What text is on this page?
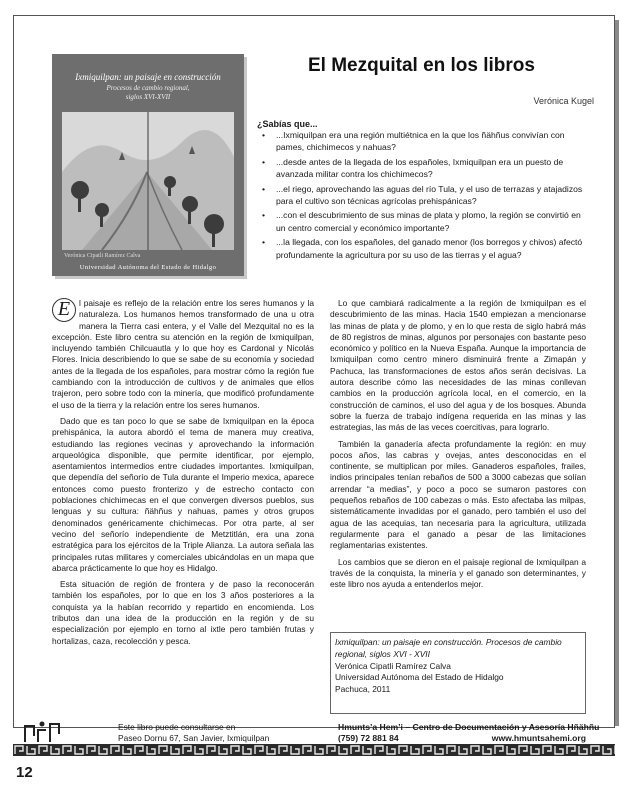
Ixmiquilpan: un paisaje en construcción
Procesos de cambio regional,
siglos XVI-XVII
Verónica Cipatli Ramírez Calva
Universidad Autónoma del Estado de Hidalgo
El Mezquital en los libros
Verónica Kugel
¿Sabías que...
• ...Ixmiquilpan era una región multiétnica en la que los ñähñus convivían con pames, chichimecos y nahuas?
• ...desde antes de la llegada de los españoles, Ixmiquilpan era un puesto de avanzada militar contra los chichimecos?
• ...el riego, aprovechando las aguas del río Tula, y el uso de terrazas y atajadizos para el cultivo son técnicas agrícolas prehispánicas?
• ...con el descubrimiento de sus minas de plata y plomo, la región se convirtió en un centro comercial y económico importante?
• ...la llegada, con los españoles, del ganado menor (los borregos y chivos) afectó profundamente la agricultura por su uso de las tierras y el agua?

E	l paisaje es reflejo de la relación entre los seres humanos y la naturaleza. Los humanos hemos transformado de una u otra manera la Tierra casi entera, y el Valle del Mezquital no es la excepción. Este libro centra su atención en la región de Ixmiquilpan, incluyendo también Chilcuautla y lo que hoy es Cardonal y Nicolás Flores. Inicia describiendo lo que se sabe de su economía y sociedad antes de la llegada de los españoles, para mostrar cómo la región fue cambiando con la introducción de cultivos y de animales que ellos trajeron, pero sobre todo con la minería, que modificó profundamente el uso de la tierra y la relación entre los seres humanos.

Dado que es tan poco lo que se sabe de Ixmiquilpan en la época prehispánica, la autora abordó el tema de manera muy creativa, estudiando las regiones vecinas y aprovechando la información arqueológica disponible, que permite identificar, por ejemplo, asentamientos intermedios entre ciudades importantes. Ixmiquilpan, que dependía del señorío de Tula durante el Imperio mexica, aparece entonces como puesto fronterizo y de estrecho contacto con poblaciones chichimecas en el que convergen diversos pueblos, sus lenguas y su cultura: ñähñus y nahuas, pames y otros grupos denominados genéricamente chichimecas. Por otra parte, al ser vecino del señorío independiente de Metztitlán, era una zona estratégica para los ejércitos de la Triple Alianza. La autora señala las principales rutas militares y comerciales ubicándolas en un mapa que abarca prácticamente lo que hoy es Hidalgo.

Esta situación de región de frontera y de paso la reconocerán también los españoles, por lo que en los 3 años posteriores a la conquista ya la habían recorrido y repartido en encomienda. Los tributos dan una idea de la producción en la región y de su especialización por ejemplo en torno al ixtle pero también frutas y hortalizas, caza, recolección y pesca.

Lo que cambiará radicalmente a la región de Ixmiquilpan es el descubrimiento de las minas. Hacia 1540 empiezan a mencionarse las minas de plata y de plomo, y en lo que resta de siglo habrá más de 80 registros de minas, algunos por personajes con bastante peso económico y político en la Nueva España. Aunque la importancia de Ixmiquilpan como centro minero disminuirá frente a Zimapán y Pachuca, las transformaciones de estos años serán decisivas. La autora describe cómo las necesidades de las minas conllevan cambios en la producción agrícola local, en el comercio, en la construcción de caminos, el uso del agua y de los bosques. Abunda sobre la fuerza de trabajo indígena requerida en las minas y las estrategias, las más de las veces coercitivas, para lograrlo.

También la ganadería afecta profundamente la región: en muy pocos años, las cabras y ovejas, antes desconocidas en el continente, se multiplican por miles. Ganaderos españoles, frailes, indios principales tenían rebaños de 500 a 3000 cabezas que solían arrendar “a medias”, y poco a poco se sumaron pastores con pequeños rebaños de 100 cabezas o más. Esto afectaba las milpas, sistemáticamente invadidas por el ganado, pero también el uso del agua de las acequias, tan necesaria para la agricultura, utilizada regularmente para el ganado a pesar de las limitaciones reglamentarias existentes.

Los cambios que se dieron en el paisaje regional de Ixmiquilpan a través de la conquista, la minería y el ganado son determinantes, y este libro nos ayuda a entenderlos mejor.

Ixmiquilpan: un paisaje en construcción. Procesos de cambio
regional, siglos XVI - XVII
Verónica Cipatli Ramírez Calva
Universidad Autónoma del Estado de Hidalgo
Pachuca, 2011
Este libro puede consultarse en
Paseo Dornu 67, San Javier, Ixmiquilpan
Hmunts’a Hem’i – Centro de Documentación y Asesoría Hñähñu
(759) 72 881 84	www.hmuntsahemi.org
12
